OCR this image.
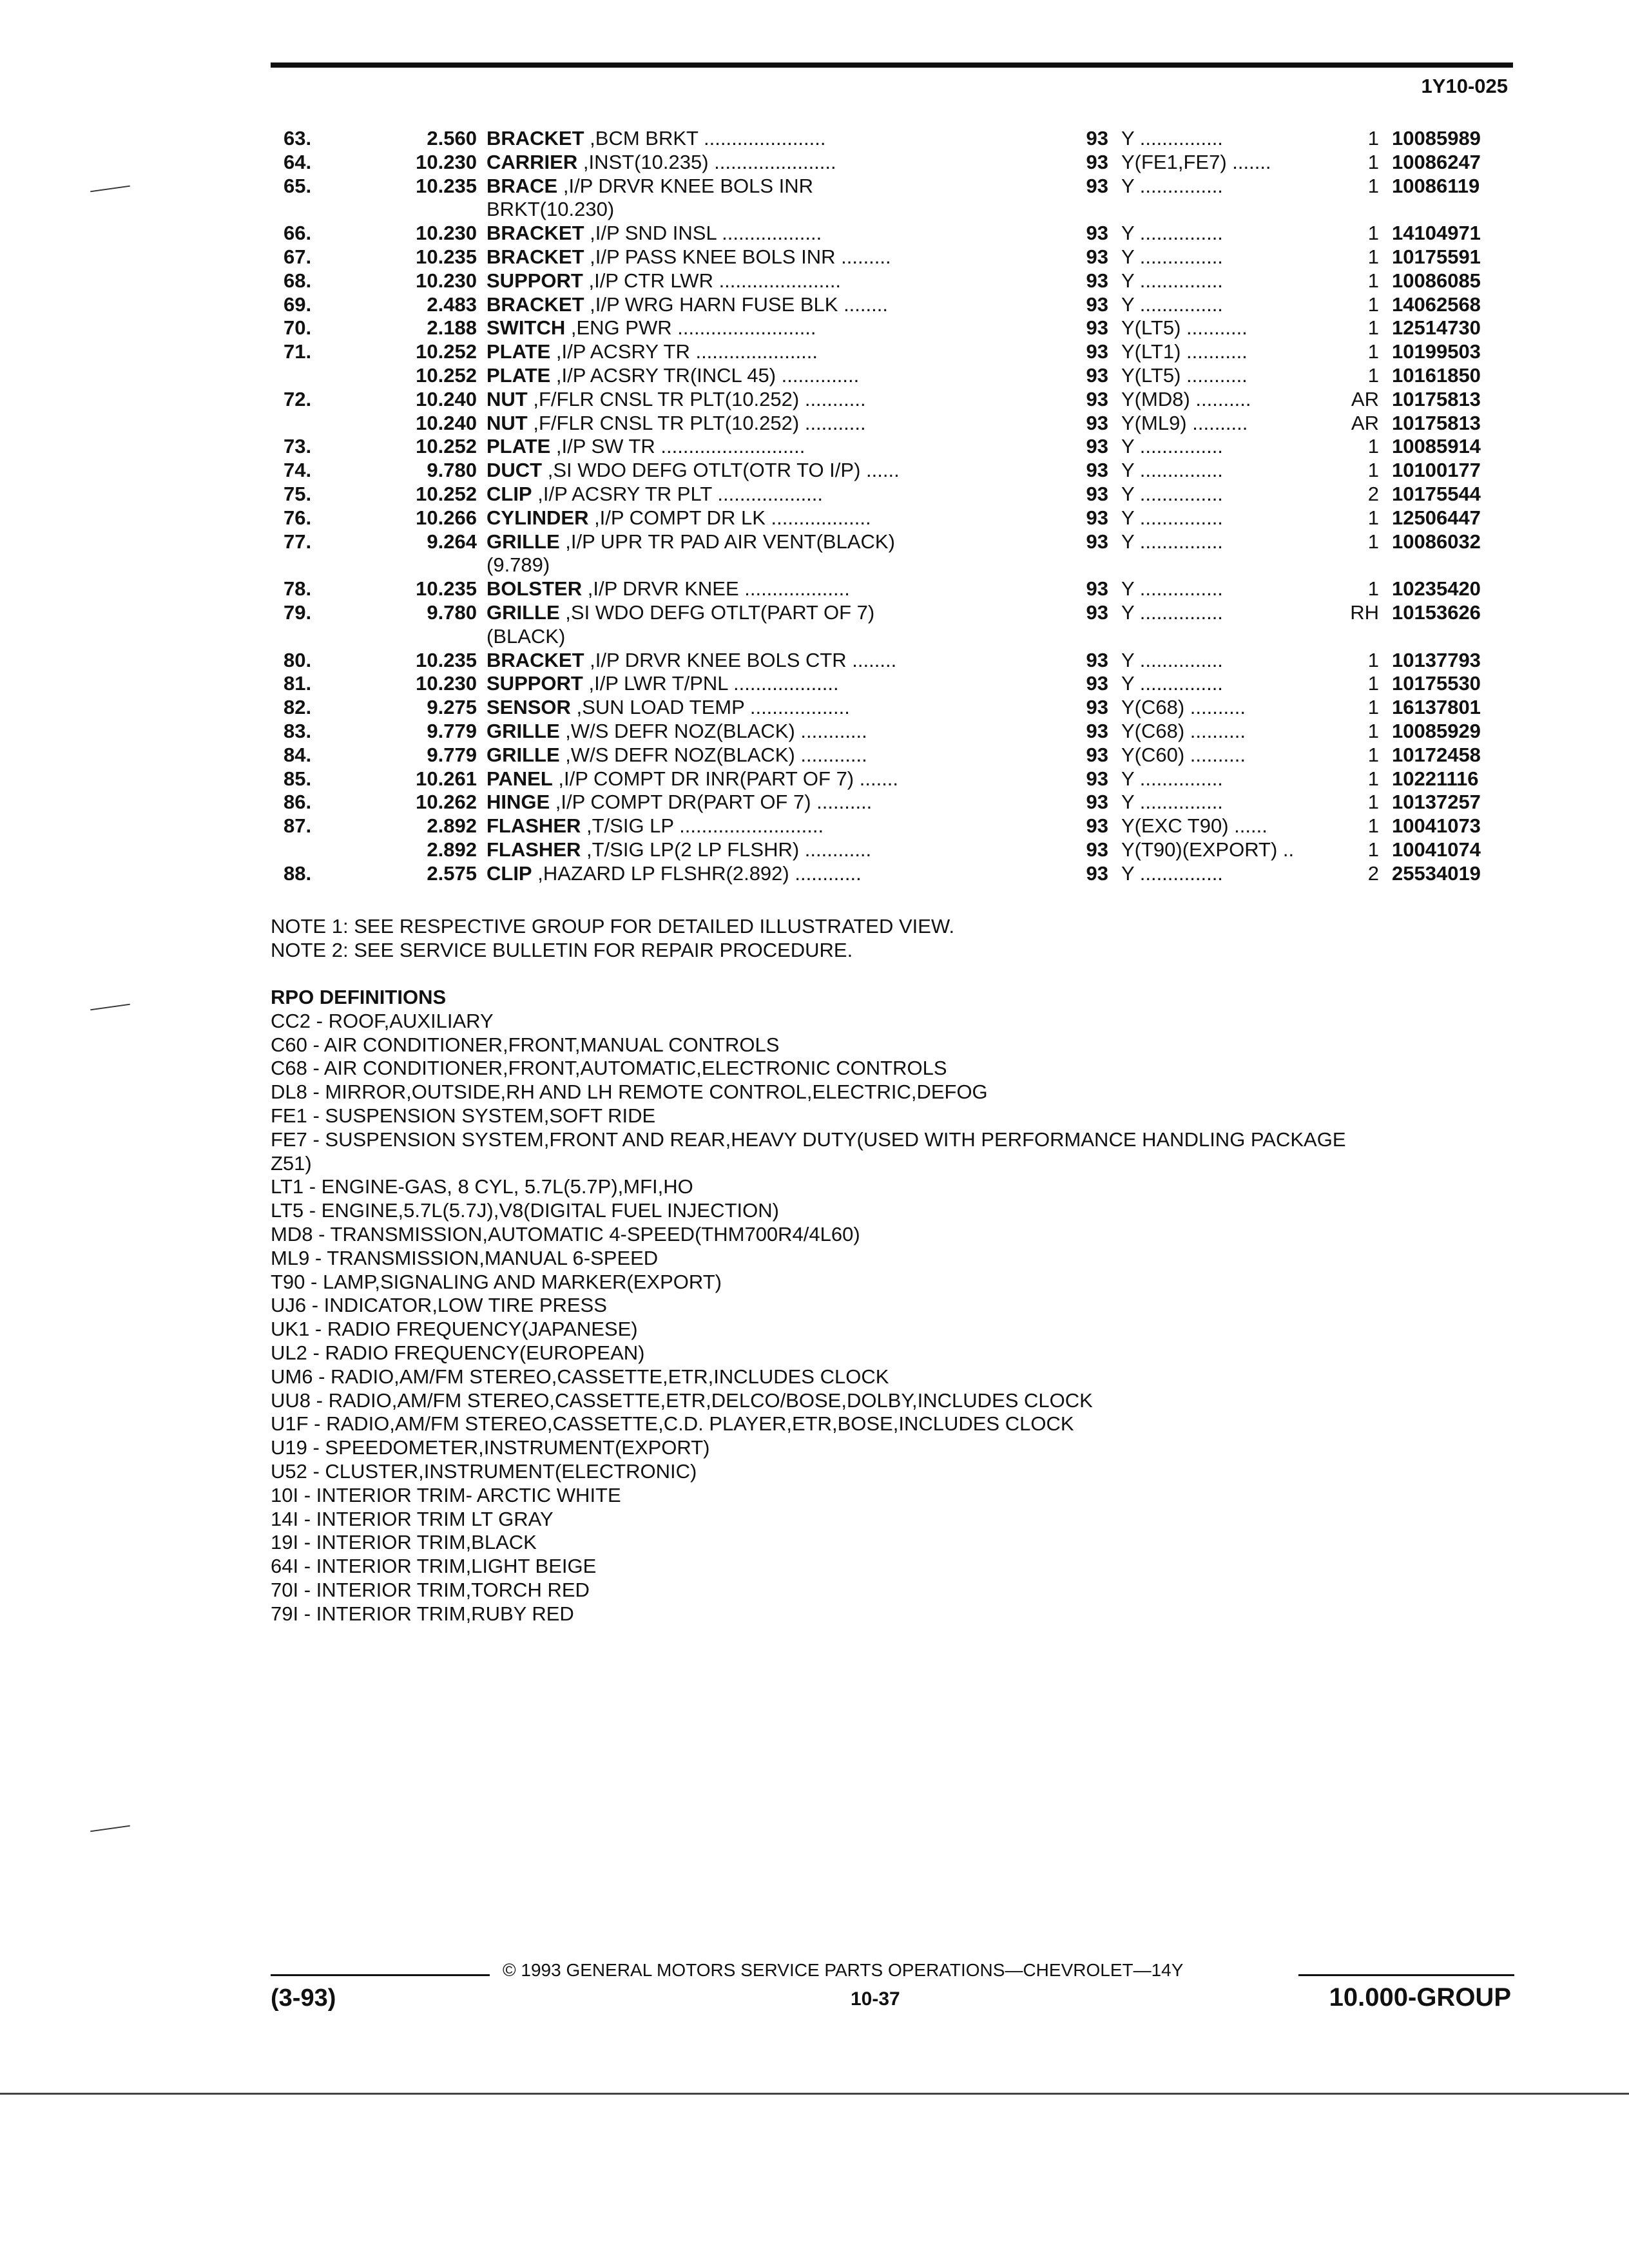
1Y10-025
63.	2.560 BRACKET ,BCM BRKT ......................	93 Y ...............	1 10085989
64.	10.230 CARRIER ,INST(10.235) ......................	93 Y(FE1,FE7) .......	1 10086247
65.	10.235 BRACE ,I/P DRVR KNEE BOLS INR	93 Y ...............	1 10086119
BRKT(10.230)
66.	10.230 BRACKET ,I/P SND INSL ..................	93 Y ...............	1 14104971
67.	10.235 BRACKET ,I/P PASS KNEE BOLS INR .........	93 Y ...............	1 10175591
68.	10.230 SUPPORT ,I/P CTR LWR ......................	93 Y ...............	1 10086085
69.	2.483 BRACKET ,I/P WRG HARN FUSE BLK ........	93 Y ...............	1 14062568
70.	2.188 SWITCH ,ENG PWR .........................	93 Y(LT5) ...........	1 12514730
71.	10.252 PLATE ,I/P ACSRY TR ......................	93 Y(LT1) ...........	1 10199503
10.252 PLATE ,I/P ACSRY TR(INCL 45) ..............	93 Y(LT5) ...........	1 10161850
72.	10.240 NUT ,F/FLR CNSL TR PLT(10.252) ...........	93 Y(MD8) ..........	AR 10175813
10.240 NUT ,F/FLR CNSL TR PLT(10.252) ...........	93 Y(ML9) ..........	AR 10175813
73.	10.252 PLATE ,I/P SW TR ..........................	93 Y ...............	1 10085914
74.	9.780 DUCT ,SI WDO DEFG OTLT(OTR TO I/P) ......	93 Y ...............	1 10100177
75.	10.252 CLIP ,I/P ACSRY TR PLT ...................	93 Y ...............	2 10175544
76.	10.266 CYLINDER ,I/P COMPT DR LK ..................	93 Y ...............	1 12506447
77.	9.264 GRILLE ,I/P UPR TR PAD AIR VENT(BLACK)	93 Y ...............	1 10086032
(9.789)
78.	10.235 BOLSTER ,I/P DRVR KNEE ...................	93 Y ...............	1 10235420
79.	9.780 GRILLE ,SI WDO DEFG OTLT(PART OF 7)	93 Y ...............	RH 10153626
(BLACK)
80.	10.235 BRACKET ,I/P DRVR KNEE BOLS CTR ........	93 Y ...............	1 10137793
81.	10.230 SUPPORT ,I/P LWR T/PNL ...................	93 Y ...............	1 10175530
82.	9.275 SENSOR ,SUN LOAD TEMP ..................	93 Y(C68) ..........	1 16137801
83.	9.779 GRILLE ,W/S DEFR NOZ(BLACK) ............	93 Y(C68) ..........	1 10085929
84.	9.779 GRILLE ,W/S DEFR NOZ(BLACK) ............	93 Y(C60) ..........	1 10172458
85.	10.261 PANEL ,I/P COMPT DR INR(PART OF 7) .......	93 Y ...............	1 10221116
86.	10.262 HINGE ,I/P COMPT DR(PART OF 7) ..........	93 Y ...............	1 10137257
87.	2.892 FLASHER ,T/SIG LP ..........................	93 Y(EXC T90) ......	1 10041073
2.892 FLASHER ,T/SIG LP(2 LP FLSHR) ............	93 Y(T90)(EXPORT) ..	1 10041074
88.	2.575 CLIP ,HAZARD LP FLSHR(2.892) ............	93 Y ...............	2 25534019
NOTE 1: SEE RESPECTIVE GROUP FOR DETAILED ILLUSTRATED VIEW.
NOTE 2: SEE SERVICE BULLETIN FOR REPAIR PROCEDURE.
RPO DEFINITIONS
CC2 - ROOF,AUXILIARY
C60 - AIR CONDITIONER,FRONT,MANUAL CONTROLS
C68 - AIR CONDITIONER,FRONT,AUTOMATIC,ELECTRONIC CONTROLS
DL8 - MIRROR,OUTSIDE,RH AND LH REMOTE CONTROL,ELECTRIC,DEFOG
FE1 - SUSPENSION SYSTEM,SOFT RIDE
FE7 - SUSPENSION SYSTEM,FRONT AND REAR,HEAVY DUTY(USED WITH PERFORMANCE HANDLING PACKAGE
Z51)
LT1 - ENGINE-GAS, 8 CYL, 5.7L(5.7P),MFI,HO
LT5 - ENGINE,5.7L(5.7J),V8(DIGITAL FUEL INJECTION)
MD8 - TRANSMISSION,AUTOMATIC 4-SPEED(THM700R4/4L60)
ML9 - TRANSMISSION,MANUAL 6-SPEED
T90 - LAMP,SIGNALING AND MARKER(EXPORT)
UJ6 - INDICATOR,LOW TIRE PRESS
UK1 - RADIO FREQUENCY(JAPANESE)
UL2 - RADIO FREQUENCY(EUROPEAN)
UM6 - RADIO,AM/FM STEREO,CASSETTE,ETR,INCLUDES CLOCK
UU8 - RADIO,AM/FM STEREO,CASSETTE,ETR,DELCO/BOSE,DOLBY,INCLUDES CLOCK
U1F - RADIO,AM/FM STEREO,CASSETTE,C.D. PLAYER,ETR,BOSE,INCLUDES CLOCK
U19 - SPEEDOMETER,INSTRUMENT(EXPORT)
U52 - CLUSTER,INSTRUMENT(ELECTRONIC)
10I - INTERIOR TRIM- ARCTIC WHITE
14I - INTERIOR TRIM LT GRAY
19I - INTERIOR TRIM,BLACK
64I - INTERIOR TRIM,LIGHT BEIGE
70I - INTERIOR TRIM,TORCH RED
79I - INTERIOR TRIM,RUBY RED
© 1993 GENERAL MOTORS SERVICE PARTS OPERATIONS—CHEVROLET—14Y
(3-93)	10-37	10.000-GROUP
